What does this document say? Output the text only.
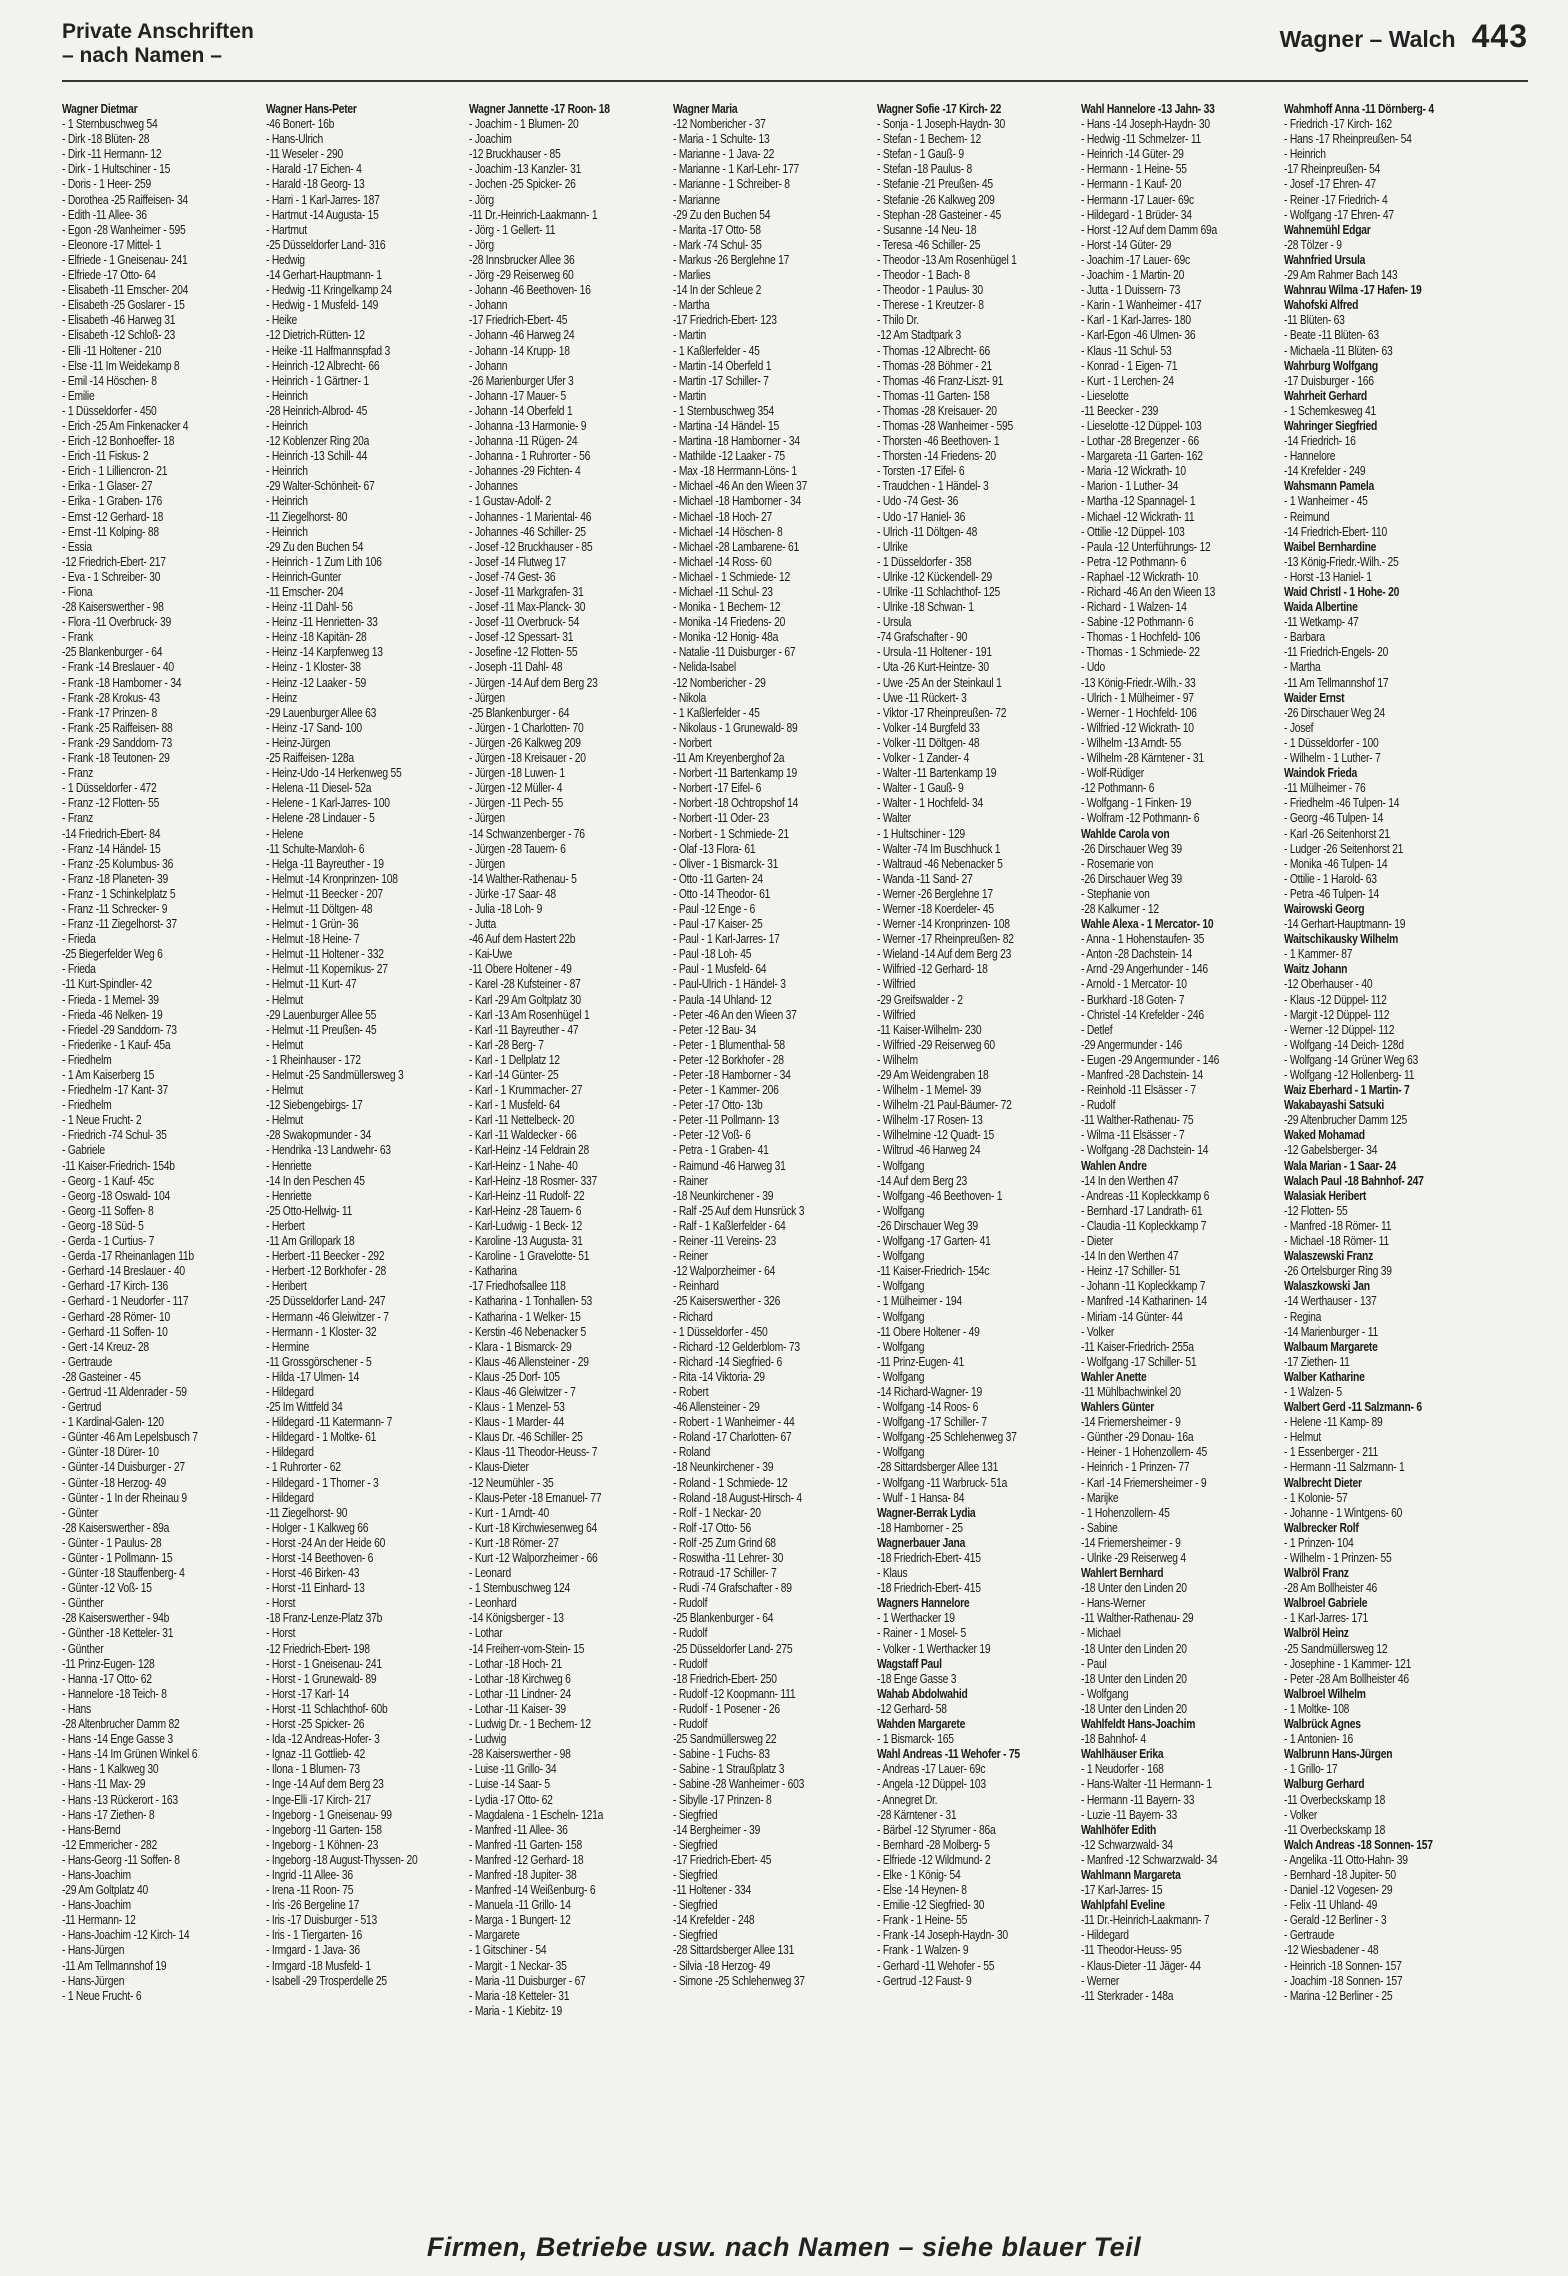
Private Anschriften
– nach Namen –
Wagner – Walch 443
Wagner Dietmar
- 1 Sternbuschweg 54
- Dirk -18 Blüten- 28
- Dirk -11 Hermann- 12
- Dirk - 1 Hultschiner - 15
- Doris - 1 Heer- 259
- Dorothea -25 Raiffeisen- 34
- Edith -11 Allee- 36
- Egon -28 Wanheimer - 595
- Eleonore -17 Mittel- 1
- Elfriede - 1 Gneisenau- 241
- Elfriede -17 Otto- 64
- Elisabeth -11 Emscher- 204
- Elisabeth -25 Goslarer - 15
- Elisabeth -46 Harweg 31
- Elisabeth -12 Schloß- 23
- Elli -11 Holtener - 210
- Else -11 Im Weidekamp 8
- Emil -14 Höschen- 8
- Emilie
- 1 Düsseldorfer - 450
- Erich -25 Am Finkenacker 4
- Erich -12 Bonhoeffer- 18
- Erich -11 Fiskus- 2
- Erich - 1 Lilliencron- 21
- Erika - 1 Glaser- 27
- Erika - 1 Graben- 176
- Ernst -12 Gerhard- 18
- Ernst -11 Kolping- 88
- Essia
-12 Friedrich-Ebert- 217
- Eva - 1 Schreiber- 30
- Fiona
-28 Kaiserswerther - 98
- Flora -11 Overbruck- 39
- Frank
-25 Blankenburger - 64
- Frank -14 Breslauer - 40
- Frank -18 Hamborner - 34
- Frank -28 Krokus- 43
- Frank -17 Prinzen- 8
- Frank -25 Raiffeisen- 88
- Frank -29 Sanddorn- 73
- Frank -18 Teutonen- 29
- Franz
- 1 Düsseldorfer - 472
- Franz -12 Flotten- 55
- Franz
-14 Friedrich-Ebert- 84
- Franz -14 Händel- 15
- Franz -25 Kolumbus- 36
- Franz -18 Planeten- 39
- Franz - 1 Schinkelplatz 5
- Franz -11 Schrecker- 9
- Franz -11 Ziegelhorst- 37
- Frieda
-25 Biegerfelder Weg 6
- Frieda
-11 Kurt-Spindler- 42
- Frieda - 1 Memel- 39
- Frieda -46 Nelken- 19
- Friedel -29 Sanddorn- 73
- Friederike - 1 Kauf- 45a
- Friedhelm
- 1 Am Kaiserberg 15
- Friedhelm -17 Kant- 37
- Friedhelm
- 1 Neue Frucht- 2
- Friedrich -74 Schul- 35
- Gabriele
-11 Kaiser-Friedrich- 154b
- Georg - 1 Kauf- 45c
- Georg -18 Oswald- 104
- Georg -11 Soffen- 8
- Georg -18 Süd- 5
- Gerda - 1 Curtius- 7
- Gerda -17 Rheinanlagen 11b
- Gerhard -14 Breslauer - 40
- Gerhard -17 Kirch- 136
- Gerhard - 1 Neudorfer - 117
- Gerhard -28 Römer- 10
- Gerhard -11 Soffen- 10
- Gert -14 Kreuz- 28
- Gertraude
-28 Gasteiner - 45
- Gertrud -11 Aldenrader - 59
- Gertrud
- 1 Kardinal-Galen- 120
- Günter -46 Am Lepelsbusch 7
- Günter -18 Dürer- 10
- Günter -14 Duisburger - 27
- Günter -18 Herzog- 49
- Günter - 1 In der Rheinau 9
- Günter
-28 Kaiserswerther - 89a
- Günter - 1 Paulus- 28
- Günter - 1 Pollmann- 15
- Günter -18 Stauffenberg- 4
- Günter -12 Voß- 15
- Günther
-28 Kaiserswerther - 94b
- Günther -18 Ketteler- 31
- Günther
-11 Prinz-Eugen- 128
- Hanna -17 Otto- 62
- Hannelore -18 Teich- 8
- Hans
-28 Altenbrucher Damm 82
- Hans -14 Enge Gasse 3
- Hans -14 Im Grünen Winkel 6
- Hans - 1 Kalkweg 30
- Hans -11 Max- 29
- Hans -13 Rückerort - 163
- Hans -17 Ziethen- 8
- Hans-Bernd
-12 Emmericher - 282
- Hans-Georg -11 Soffen- 8
- Hans-Joachim
-29 Am Goltplatz 40
- Hans-Joachim
-11 Hermann- 12
- Hans-Joachim -12 Kirch- 14
- Hans-Jürgen
-11 Am Tellmannshof 19
- Hans-Jürgen
- 1 Neue Frucht- 6
Wagner Hans-Peter
-46 Bonert- 16b
- Hans-Ulrich
-11 Weseler - 290
- Harald -17 Eichen- 4
- Harald -18 Georg- 13
- Harri - 1 Karl-Jarres- 187
- Hartmut -14 Augusta- 15
- Hartmut
-25 Düsseldorfer Land- 316
- Hedwig
-14 Gerhart-Hauptmann- 1
- Hedwig -11 Kringelkamp 24
- Hedwig - 1 Musfeld- 149
- Heike
-12 Dietrich-Rütten- 12
- Heike -11 Halfmannspfad 3
- Heinrich -12 Albrecht- 66
- Heinrich - 1 Gärtner- 1
- Heinrich
-28 Heinrich-Albrod- 45
- Heinrich
-12 Koblenzer Ring 20a
- Heinrich -13 Schill- 44
- Heinrich
-29 Walter-Schönheit- 67
- Heinrich
-11 Ziegelhorst- 80
- Heinrich
-29 Zu den Buchen 54
- Heinrich - 1 Zum Lith 106
- Heinrich-Gunter
-11 Emscher- 204
- Heinz -11 Dahl- 56
- Heinz -11 Henrietten- 33
- Heinz -18 Kapitän- 28
- Heinz -14 Karpfenweg 13
- Heinz - 1 Kloster- 38
- Heinz -12 Laaker - 59
- Heinz
-29 Lauenburger Allee 63
- Heinz -17 Sand- 100
- Heinz-Jürgen
-25 Raiffeisen- 128a
- Heinz-Udo -14 Herkenweg 55
- Helena -11 Diesel- 52a
- Helene - 1 Karl-Jarres- 100
- Helene -28 Lindauer - 5
- Helene
-11 Schulte-Marxloh- 6
- Helga -11 Bayreuther - 19
- Helmut -14 Kronprinzen- 108
- Helmut -11 Beecker - 207
- Helmut -11 Döltgen- 48
- Helmut - 1 Grün- 36
- Helmut -18 Heine- 7
- Helmut -11 Holtener - 332
- Helmut -11 Kopernikus- 27
- Helmut -11 Kurt- 47
- Helmut
-29 Lauenburger Allee 55
- Helmut -11 Preußen- 45
- Helmut
- 1 Rheinhauser - 172
- Helmut -25 Sandmüllersweg 3
- Helmut
-12 Siebengebirgs- 17
- Helmut
-28 Swakopmunder - 34
- Hendrika -13 Landwehr- 63
- Henriette
-14 In den Peschen 45
- Henriette
-25 Otto-Hellwig- 11
- Herbert
-11 Am Grillopark 18
- Herbert -11 Beecker - 292
- Herbert -12 Borkhofer - 28
- Heribert
-25 Düsseldorfer Land- 247
- Hermann -46 Gleiwitzer - 7
- Hermann - 1 Kloster- 32
- Hermine
-11 Grossgörschener - 5
- Hilda -17 Ulmen- 14
- Hildegard
-25 Im Wittfeld 34
- Hildegard -11 Katermann- 7
- Hildegard - 1 Moltke- 61
- Hildegard
- 1 Ruhrorter - 62
- Hildegard - 1 Thorner - 3
- Hildegard
-11 Ziegelhorst- 90
- Holger - 1 Kalkweg 66
- Horst -24 An der Heide 60
- Horst -14 Beethoven- 6
- Horst -46 Birken- 43
- Horst -11 Einhard- 13
- Horst
-18 Franz-Lenze-Platz 37b
- Horst
-12 Friedrich-Ebert- 198
- Horst - 1 Gneisenau- 241
- Horst - 1 Grunewald- 89
- Horst -17 Karl- 14
- Horst -11 Schlachthof- 60b
- Horst -25 Spicker- 26
- Ida -12 Andreas-Hofer- 3
- Ignaz -11 Gottlieb- 42
- Ilona - 1 Blumen- 73
- Inge -14 Auf dem Berg 23
- Inge-Elli -17 Kirch- 217
- Ingeborg - 1 Gneisenau- 99
- Ingeborg -11 Garten- 158
- Ingeborg - 1 Köhnen- 23
- Ingeborg -18 August-Thyssen- 20
- Ingrid -11 Allee- 36
- Irena -11 Roon- 75
- Iris -26 Bergeline 17
- Iris -17 Duisburger - 513
- Iris - 1 Tiergarten- 16
- Irmgard - 1 Java- 36
- Irmgard -18 Musfeld- 1
- Isabell -29 Trosperdelle 25
Wagner Jannette -17 Roon- 18
- Joachim - 1 Blumen- 20
- Joachim
-12 Bruckhauser - 85
- Joachim -13 Kanzler- 31
- Jochen -25 Spicker- 26
- Jörg
-11 Dr.-Heinrich-Laakmann- 1
- Jörg - 1 Gellert- 11
- Jörg
-28 Innsbrucker Allee 36
- Jörg -29 Reiserweg 60
- Johann -46 Beethoven- 16
- Johann
-17 Friedrich-Ebert- 45
- Johann -46 Harweg 24
- Johann -14 Krupp- 18
- Johann
-26 Marienburger Ufer 3
- Johann -17 Mauer- 5
- Johann -14 Oberfeld 1
- Johanna -13 Harmonie- 9
- Johanna -11 Rügen- 24
- Johanna - 1 Ruhrorter - 56
- Johannes -29 Fichten- 4
- Johannes
- 1 Gustav-Adolf- 2
- Johannes - 1 Mariental- 46
- Johannes -46 Schiller- 25
- Josef -12 Bruckhauser - 85
- Josef -14 Flutweg 17
- Josef -74 Gest- 36
- Josef -11 Markgrafen- 31
- Josef -11 Max-Planck- 30
- Josef -11 Overbruck- 54
- Josef -12 Spessart- 31
- Josefine -12 Flotten- 55
- Joseph -11 Dahl- 48
- Jürgen -14 Auf dem Berg 23
- Jürgen
-25 Blankenburger - 64
- Jürgen - 1 Charlotten- 70
- Jürgen -26 Kalkweg 209
- Jürgen -18 Kreisauer - 20
- Jürgen -18 Luwen- 1
- Jürgen -12 Müller- 4
- Jürgen -11 Pech- 55
- Jürgen
-14 Schwanzenberger - 76
- Jürgen -28 Tauern- 6
- Jürgen
-14 Walther-Rathenau- 5
- Jürke -17 Saar- 48
- Julia -18 Loh- 9
- Jutta
-46 Auf dem Hastert 22b
- Kai-Uwe
-11 Obere Holtener - 49
- Karel -28 Kufsteiner - 87
- Karl -29 Am Goltplatz 30
- Karl -13 Am Rosenhügel 1
- Karl -11 Bayreuther - 47
- Karl -28 Berg- 7
- Karl - 1 Dellplatz 12
- Karl -14 Günter- 25
- Karl - 1 Krummacher- 27
- Karl - 1 Musfeld- 64
- Karl -11 Nettelbeck- 20
- Karl -11 Waldecker - 66
- Karl-Heinz -14 Feldrain 28
- Karl-Heinz - 1 Nahe- 40
- Karl-Heinz -18 Rosmer- 337
- Karl-Heinz -11 Rudolf- 22
- Karl-Heinz -28 Tauern- 6
- Karl-Ludwig - 1 Beck- 12
- Karoline -13 Augusta- 31
- Karoline - 1 Gravelotte- 51
- Katharina
-17 Friedhofsallee 118
- Katharina - 1 Tonhallen- 53
- Katharina - 1 Welker- 15
- Kerstin -46 Nebenacker 5
- Klara - 1 Bismarck- 29
- Klaus -46 Allensteiner - 29
- Klaus -25 Dorf- 105
- Klaus -46 Gleiwitzer - 7
- Klaus - 1 Menzel- 53
- Klaus - 1 Marder- 44
- Klaus Dr. -46 Schiller- 25
- Klaus -11 Theodor-Heuss- 7
- Klaus-Dieter
-12 Neumühler - 35
- Klaus-Peter -18 Emanuel- 77
- Kurt - 1 Arndt- 40
- Kurt -18 Kirchwiesenweg 64
- Kurt -18 Römer- 27
- Kurt -12 Walporzheimer - 66
- Leonard
- 1 Sternbuschweg 124
- Leonhard
-14 Königsberger - 13
- Lothar
-14 Freiherr-vom-Stein- 15
- Lothar -18 Hoch- 21
- Lothar -18 Kirchweg 6
- Lothar -11 Lindner- 24
- Lothar -11 Kaiser- 39
- Ludwig Dr. - 1 Bechem- 12
- Ludwig
-28 Kaiserswerther - 98
- Luise -11 Grillo- 34
- Luise -14 Saar- 5
- Lydia -17 Otto- 62
- Magdalena - 1 Escheln- 121a
- Manfred -11 Allee- 36
- Manfred -11 Garten- 158
- Manfred -12 Gerhard- 18
- Manfred -18 Jupiter- 38
- Manfred -14 Weißenburg- 6
- Manuela -11 Grillo- 14
- Marga - 1 Bungert- 12
- Margarete
- 1 Gitschiner - 54
- Margit - 1 Neckar- 35
- Maria -11 Duisburger - 67
- Maria -18 Ketteler- 31
- Maria - 1 Kiebitz- 19
Wagner Maria
-12 Nombericher - 37
- Maria - 1 Schulte- 13
- Marianne - 1 Java- 22
- Marianne - 1 Karl-Lehr- 177
- Marianne - 1 Schreiber- 8
- Marianne
-29 Zu den Buchen 54
- Marita -17 Otto- 58
- Mark -74 Schul- 35
- Markus -26 Berglehne 17
- Marlies
-14 In der Schleue 2
- Martha
-17 Friedrich-Ebert- 123
- Martin
- 1 Kaßlerfelder - 45
- Martin -14 Oberfeld 1
- Martin -17 Schiller- 7
- Martin
- 1 Sternbuschweg 354
- Martina -14 Händel- 15
- Martina -18 Hamborner - 34
- Mathilde -12 Laaker - 75
- Max -18 Herrmann-Löns- 1
- Michael -46 An den Wieen 37
- Michael -18 Hamborner - 34
- Michael -18 Hoch- 27
- Michael -14 Höschen- 8
- Michael -28 Lambarene- 61
- Michael -14 Ross- 60
- Michael - 1 Schmiede- 12
- Michael -11 Schul- 23
- Monika - 1 Bechem- 12
- Monika -14 Friedens- 20
- Monika -12 Honig- 48a
- Natalie -11 Duisburger - 67
- Nelida-Isabel
-12 Nombericher - 29
- Nikola
- 1 Kaßlerfelder - 45
- Nikolaus - 1 Grunewald- 89
- Norbert
-11 Am Kreyenberghof 2a
- Norbert -11 Bartenkamp 19
- Norbert -17 Eifel- 6
- Norbert -18 Ochtropshof 14
- Norbert -11 Oder- 23
- Norbert - 1 Schmiede- 21
- Olaf -13 Flora- 61
- Oliver - 1 Bismarck- 31
- Otto -11 Garten- 24
- Otto -14 Theodor- 61
- Paul -12 Enge - 6
- Paul -17 Kaiser- 25
- Paul - 1 Karl-Jarres- 17
- Paul -18 Loh- 45
- Paul - 1 Musfeld- 64
- Paul-Ulrich - 1 Händel- 3
- Paula -14 Uhland- 12
- Peter -46 An den Wieen 37
- Peter -12 Bau- 34
- Peter - 1 Blumenthal- 58
- Peter -12 Borkhofer - 28
- Peter -18 Hamborner - 34
- Peter - 1 Kammer- 206
- Peter -17 Otto- 13b
- Peter -11 Pollmann- 13
- Peter -12 Voß- 6
- Petra - 1 Graben- 41
- Raimund -46 Harweg 31
- Rainer
-18 Neunkirchener - 39
- Ralf -25 Auf dem Hunsrück 3
- Ralf - 1 Kaßlerfelder - 64
- Reiner -11 Vereins- 23
- Reiner
-12 Walporzheimer - 64
- Reinhard
-25 Kaiserswerther - 326
- Richard
- 1 Düsseldorfer - 450
- Richard -12 Gelderblom- 73
- Richard -14 Siegfried- 6
- Rita -14 Viktoria- 29
- Robert
-46 Allensteiner - 29
- Robert - 1 Wanheimer - 44
- Roland -17 Charlotten- 67
- Roland
-18 Neunkirchener - 39
- Roland - 1 Schmiede- 12
- Roland -18 August-Hirsch- 4
- Rolf - 1 Neckar- 20
- Rolf -17 Otto- 56
- Rolf -25 Zum Grind 68
- Roswitha -11 Lehrer- 30
- Rotraud -17 Schiller- 7
- Rudi -74 Grafschafter - 89
- Rudolf
-25 Blankenburger - 64
- Rudolf
-25 Düsseldorfer Land- 275
- Rudolf
-18 Friedrich-Ebert- 250
- Rudolf -12 Koopmann- 111
- Rudolf - 1 Posener - 26
- Rudolf
-25 Sandmüllersweg 22
- Sabine - 1 Fuchs- 83
- Sabine - 1 Straußplatz 3
- Sabine -28 Wanheimer - 603
- Sibylle -17 Prinzen- 8
- Siegfried
-14 Bergheimer - 39
- Siegfried
-17 Friedrich-Ebert- 45
- Siegfried
-11 Holtener - 334
- Siegfried
-14 Krefelder - 248
- Siegfried
-28 Sittardsberger Allee 131
- Silvia -18 Herzog- 49
- Simone -25 Schlehenweg 37
Wagner Sofie -17 Kirch- 22
- Sonja - 1 Joseph-Haydn- 30
- Stefan - 1 Bechem- 12
- Stefan - 1 Gauß- 9
- Stefan -18 Paulus- 8
- Stefanie -21 Preußen- 45
- Stefanie -26 Kalkweg 209
- Stephan -28 Gasteiner - 45
- Susanne -14 Neu- 18
- Teresa -46 Schiller- 25
- Theodor -13 Am Rosenhügel 1
- Theodor - 1 Bach- 8
- Theodor - 1 Paulus- 30
- Therese - 1 Kreutzer- 8
- Thilo Dr.
-12 Am Stadtpark 3
- Thomas -12 Albrecht- 66
- Thomas -28 Böhmer - 21
- Thomas -46 Franz-Liszt- 91
- Thomas -11 Garten- 158
- Thomas -28 Kreisauer- 20
- Thomas -28 Wanheimer - 595
- Thorsten -46 Beethoven- 1
- Thorsten -14 Friedens- 20
- Torsten -17 Eifel- 6
- Traudchen - 1 Händel- 3
- Udo -74 Gest- 36
- Udo -17 Haniel- 36
- Ulrich -11 Döltgen- 48
- Ulrike
- 1 Düsseldorfer - 358
- Ulrike -12 Kückendell- 29
- Ulrike -11 Schlachthof- 125
- Ulrike -18 Schwan- 1
- Ursula
-74 Grafschafter - 90
- Ursula -11 Holtener - 191
- Uta -26 Kurt-Heintze- 30
- Uwe -25 An der Steinkaul 1
- Uwe -11 Rückert- 3
- Viktor -17 Rheinpreußen- 72
- Volker -14 Burgfeld 33
- Volker -11 Döltgen- 48
- Volker - 1 Zander- 4
- Walter -11 Bartenkamp 19
- Walter - 1 Gauß- 9
- Walter - 1 Hochfeld- 34
- Walter
- 1 Hultschiner - 129
- Walter -74 Im Buschhuck 1
- Waltraud -46 Nebenacker 5
- Wanda -11 Sand- 27
- Werner -26 Berglehne 17
- Werner -18 Koerdeler- 45
- Werner -14 Kronprinzen- 108
- Werner -17 Rheinpreußen- 82
- Wieland -14 Auf dem Berg 23
- Wilfried -12 Gerhard- 18
- Wilfried
-29 Greifswalder - 2
- Wilfried
-11 Kaiser-Wilhelm- 230
- Wilfried -29 Reiserweg 60
- Wilhelm
-29 Am Weidengraben 18
- Wilhelm - 1 Memel- 39
- Wilhelm -21 Paul-Bäumer- 72
- Wilhelm -17 Rosen- 13
- Wilhelmine -12 Quadt- 15
- Wiltrud -46 Harweg 24
- Wolfgang
-14 Auf dem Berg 23
- Wolfgang -46 Beethoven- 1
- Wolfgang
-26 Dirschauer Weg 39
- Wolfgang -17 Garten- 41
- Wolfgang
-11 Kaiser-Friedrich- 154c
- Wolfgang
- 1 Mülheimer - 194
- Wolfgang
-11 Obere Holtener - 49
- Wolfgang
-11 Prinz-Eugen- 41
- Wolfgang
-14 Richard-Wagner- 19
- Wolfgang -14 Roos- 6
- Wolfgang -17 Schiller- 7
- Wolfgang -25 Schlehenweg 37
- Wolfgang
-28 Sittardsberger Allee 131
- Wolfgang -11 Warbruck- 51a
- Wulf - 1 Hansa- 84
Wagner-Berrak Lydia
-18 Hamborner - 25
Wagnerbauer Jana
-18 Friedrich-Ebert- 415
- Klaus
-18 Friedrich-Ebert- 415
Wagners Hannelore
- 1 Werthacker 19
- Rainer - 1 Mosel- 5
- Volker - 1 Werthacker 19
Wagstaff Paul
-18 Enge Gasse 3
Wahab Abdolwahid
-12 Gerhard- 58
Wahden Margarete
- 1 Bismarck- 165
Wahl Andreas -11 Wehofer - 75
- Andreas -17 Lauer- 69c
- Angela -12 Düppel- 103
- Annegret Dr.
-28 Kärntener - 31
- Bärbel -12 Styrumer - 86a
- Bernhard -28 Molberg- 5
- Elfriede -12 Wildmund- 2
- Elke - 1 König- 54
- Else -14 Heynen- 8
- Emilie -12 Siegfried- 30
- Frank - 1 Heine- 55
- Frank -14 Joseph-Haydn- 30
- Frank - 1 Walzen- 9
- Gerhard -11 Wehofer - 55
- Gertrud -12 Faust- 9
Wahl Hannelore -13 Jahn- 33
- Hans -14 Joseph-Haydn- 30
- Hedwig -11 Schmelzer- 11
- Heinrich -14 Güter- 29
- Hermann - 1 Heine- 55
- Hermann - 1 Kauf- 20
- Hermann -17 Lauer- 69c
- Hildegard - 1 Brüder- 34
- Horst -12 Auf dem Damm 69a
- Horst -14 Güter- 29
- Joachim -17 Lauer- 69c
- Joachim - 1 Martin- 20
- Jutta - 1 Duissern- 73
- Karin - 1 Wanheimer - 417
- Karl - 1 Karl-Jarres- 180
- Karl-Egon -46 Ulmen- 36
- Klaus -11 Schul- 53
- Konrad - 1 Eigen- 71
- Kurt - 1 Lerchen- 24
- Lieselotte
-11 Beecker - 239
- Lieselotte -12 Düppel- 103
- Lothar -28 Bregenzer - 66
- Margareta -11 Garten- 162
- Maria -12 Wickrath- 10
- Marion - 1 Luther- 34
- Martha -12 Spannagel- 1
- Michael -12 Wickrath- 11
- Ottilie -12 Düppel- 103
- Paula -12 Unterführungs- 12
- Petra -12 Pothmann- 6
- Raphael -12 Wickrath- 10
- Richard -46 An den Wieen 13
- Richard - 1 Walzen- 14
- Sabine -12 Pothmann- 6
- Thomas - 1 Hochfeld- 106
- Thomas - 1 Schmiede- 22
- Udo
-13 König-Friedr.-Wilh.- 33
- Ulrich - 1 Mülheimer - 97
- Werner - 1 Hochfeld- 106
- Wilfried -12 Wickrath- 10
- Wilhelm -13 Arndt- 55
- Wilhelm -28 Kärntener - 31
- Wolf-Rüdiger
-12 Pothmann- 6
- Wolfgang - 1 Finken- 19
- Wolfram -12 Pothmann- 6
Wahlde Carola von
-26 Dirschauer Weg 39
- Rosemarie von
-26 Dirschauer Weg 39
- Stephanie von
-28 Kalkumer - 12
Wahle Alexa - 1 Mercator- 10
- Anna - 1 Hohenstaufen- 35
- Anton -28 Dachstein- 14
- Arnd -29 Angerhunder - 146
- Arnold - 1 Mercator- 10
- Burkhard -18 Goten- 7
- Christel -14 Krefelder - 246
- Detlef
-29 Angermunder - 146
- Eugen -29 Angermunder - 146
- Manfred -28 Dachstein- 14
- Reinhold -11 Elsässer - 7
- Rudolf
-11 Walther-Rathenau- 75
- Wilma -11 Elsässer - 7
- Wolfgang -28 Dachstein- 14
Wahlen Andre
-14 In den Werthen 47
- Andreas -11 Kopleckkamp 6
- Bernhard -17 Landrath- 61
- Claudia -11 Kopleckkamp 7
- Dieter
-14 In den Werthen 47
- Heinz -17 Schiller- 51
- Johann -11 Kopleckkamp 7
- Manfred -14 Katharinen- 14
- Miriam -14 Günter- 44
- Volker
-11 Kaiser-Friedrich- 255a
- Wolfgang -17 Schiller- 51
Wahler Anette
-11 Mühlbachwinkel 20
Wahlers Günter
-14 Friemersheimer - 9
- Günther -29 Donau- 16a
- Heiner - 1 Hohenzollern- 45
- Heinrich - 1 Prinzen- 77
- Karl -14 Friemersheimer - 9
- Marijke
- 1 Hohenzollern- 45
- Sabine
-14 Friemersheimer - 9
- Ulrike -29 Reiserweg 4
Wahlert Bernhard
-18 Unter den Linden 20
- Hans-Werner
-11 Walther-Rathenau- 29
- Michael
-18 Unter den Linden 20
- Paul
-18 Unter den Linden 20
- Wolfgang
-18 Unter den Linden 20
Wahlfeldt Hans-Joachim
-18 Bahnhof- 4
Wahlhäuser Erika
- 1 Neudorfer - 168
- Hans-Walter -11 Hermann- 1
- Hermann -11 Bayern- 33
- Luzie -11 Bayern- 33
Wahlhöfer Edith
-12 Schwarzwald- 34
- Manfred -12 Schwarzwald- 34
Wahlmann Margareta
-17 Karl-Jarres- 15
Wahlpfahl Eveline
-11 Dr.-Heinrich-Laakmann- 7
- Hildegard
-11 Theodor-Heuss- 95
- Klaus-Dieter -11 Jäger- 44
- Werner
-11 Sterkrader - 148a
Wahmhoff Anna -11 Dörnberg- 4
- Friedrich -17 Kirch- 162
- Hans -17 Rheinpreußen- 54
- Heinrich
-17 Rheinpreußen- 54
- Josef -17 Ehren- 47
- Reiner -17 Friedrich- 4
- Wolfgang -17 Ehren- 47
Wahnemühl Edgar
-28 Tölzer - 9
Wahnfried Ursula
-29 Am Rahmer Bach 143
Wahnrau Wilma -17 Hafen- 19
Wahofski Alfred
-11 Blüten- 63
- Beate -11 Blüten- 63
- Michaela -11 Blüten- 63
Wahrburg Wolfgang
-17 Duisburger - 166
Wahrheit Gerhard
- 1 Schemkesweg 41
Wahringer Siegfried
-14 Friedrich- 16
- Hannelore
-14 Krefelder - 249
Wahsmann Pamela
- 1 Wanheimer - 45
- Reimund
-14 Friedrich-Ebert- 110
Waibel Bernhardine
-13 König-Friedr.-Wilh.- 25
- Horst -13 Haniel- 1
Waid Christl - 1 Hohe- 20
Waida Albertine
-11 Wetkamp- 47
- Barbara
-11 Friedrich-Engels- 20
- Martha
-11 Am Tellmannshof 17
Waider Ernst
-26 Dirschauer Weg 24
- Josef
- 1 Düsseldorfer - 100
- Wilhelm - 1 Luther- 7
Waindok Frieda
-11 Mülheimer - 76
- Friedhelm -46 Tulpen- 14
- Georg -46 Tulpen- 14
- Karl -26 Seitenhorst 21
- Ludger -26 Seitenhorst 21
- Monika -46 Tulpen- 14
- Ottilie - 1 Harold- 63
- Petra -46 Tulpen- 14
Wairowski Georg
-14 Gerhart-Hauptmann- 19
Waitschikausky Wilhelm
- 1 Kammer- 87
Waitz Johann
-12 Oberhauser - 40
- Klaus -12 Düppel- 112
- Margit -12 Düppel- 112
- Werner -12 Düppel- 112
- Wolfgang -14 Deich- 128d
- Wolfgang -14 Grüner Weg 63
- Wolfgang -12 Hollenberg- 11
Waiz Eberhard - 1 Martin- 7
Wakabayashi Satsuki
-29 Altenbrucher Damm 125
Waked Mohamad
-12 Gabelsberger- 34
Wala Marian - 1 Saar- 24
Walach Paul -18 Bahnhof- 247
Walasiak Heribert
-12 Flotten- 55
- Manfred -18 Römer- 11
- Michael -18 Römer- 11
Walaszewski Franz
-26 Ortelsburger Ring 39
Walaszkowski Jan
-14 Werthauser - 137
- Regina
-14 Marienburger - 11
Walbaum Margarete
-17 Ziethen- 11
Walber Katharine
- 1 Walzen- 5
Walbert Gerd -11 Salzmann- 6
- Helene -11 Kamp- 89
- Helmut
- 1 Essenberger - 211
- Hermann -11 Salzmann- 1
Walbrecht Dieter
- 1 Kolonie- 57
- Johanne - 1 Wintgens- 60
Walbrecker Rolf
- 1 Prinzen- 104
- Wilhelm - 1 Prinzen- 55
Walbröl Franz
-28 Am Bollheister 46
Walbroel Gabriele
- 1 Karl-Jarres- 171
Walbröl Heinz
-25 Sandmüllersweg 12
- Josephine - 1 Kammer- 121
- Peter -28 Am Bollheister 46
Walbroel Wilhelm
- 1 Moltke- 108
Walbrück Agnes
- 1 Antonien- 16
Walbrunn Hans-Jürgen
- 1 Grillo- 17
Walburg Gerhard
-11 Overbeckskamp 18
- Volker
-11 Overbeckskamp 18
Walch Andreas -18 Sonnen- 157
- Angelika -11 Otto-Hahn- 39
- Bernhard -18 Jupiter- 50
- Daniel -12 Vogesen- 29
- Felix -11 Uhland- 49
- Gerald -12 Berliner - 3
- Gertraude
-12 Wiesbadener - 48
- Heinrich -18 Sonnen- 157
- Joachim -18 Sonnen- 157
- Marina -12 Berliner - 25
Firmen, Betriebe usw. nach Namen – siehe blauer Teil
